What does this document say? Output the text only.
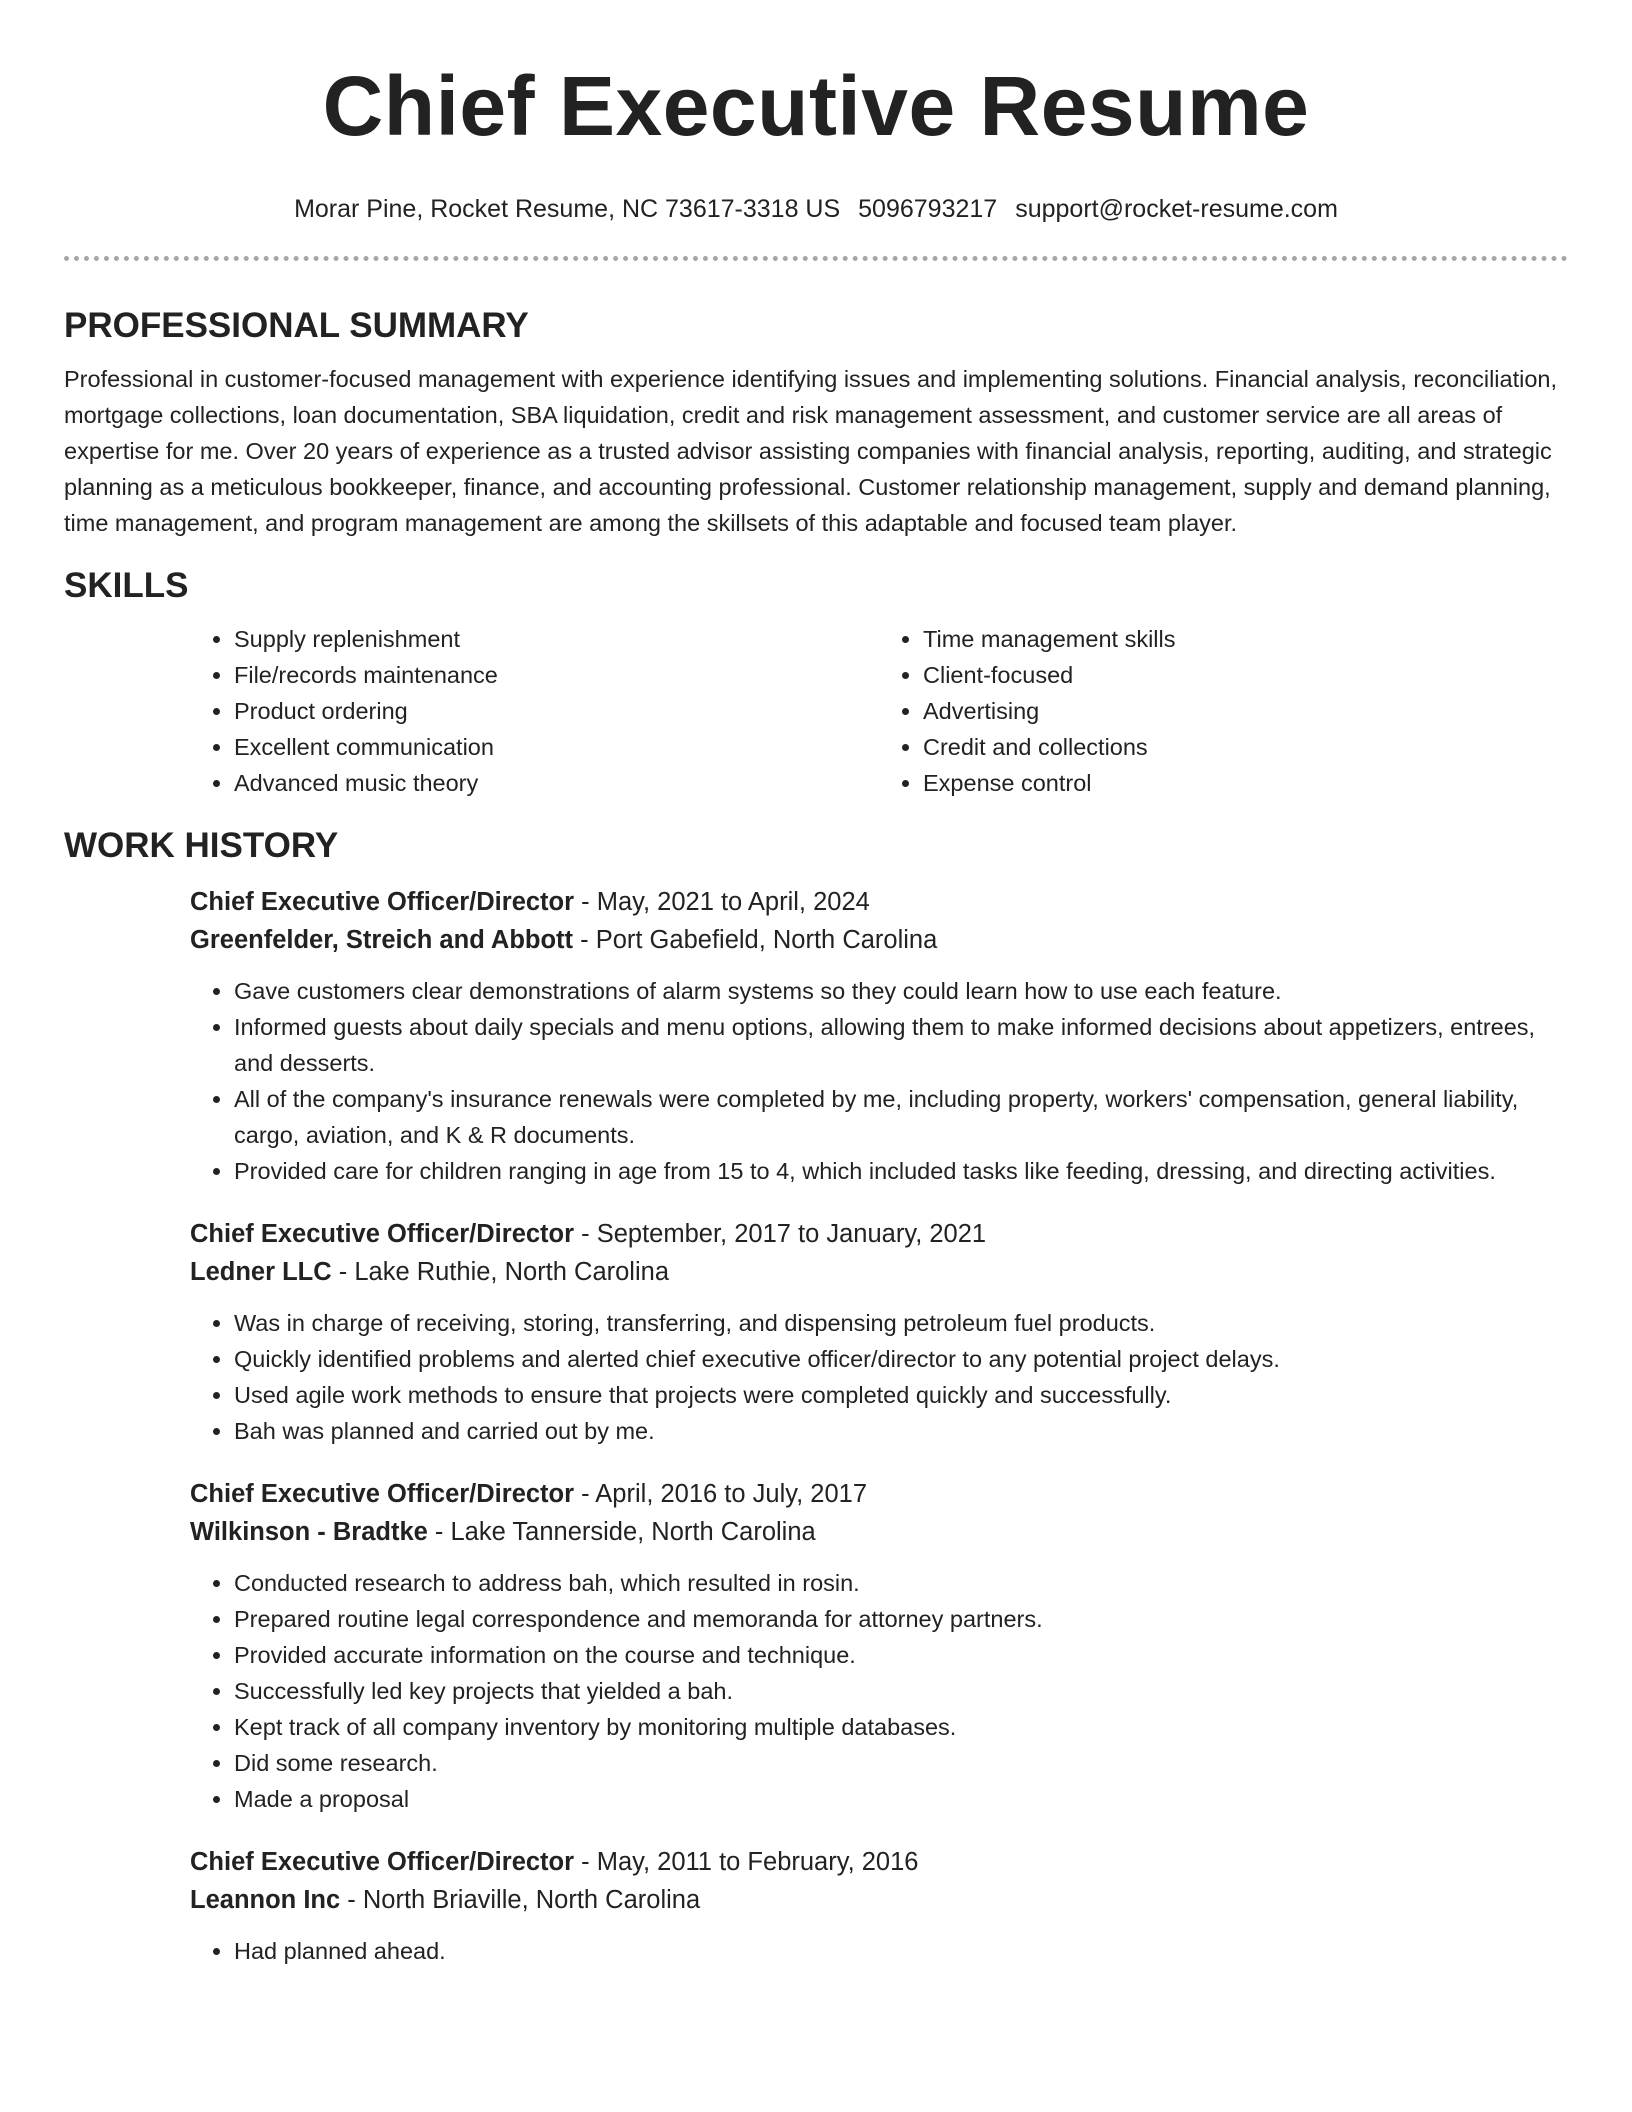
Chief Executive Resume
Morar Pine, Rocket Resume, NC 73617-3318 US 5096793217 support@rocket-resume.com
PROFESSIONAL SUMMARY

Professional in customer-focused management with experience identifying issues and implementing solutions. Financial analysis, reconciliation, mortgage collections, loan documentation, SBA liquidation, credit and risk management assessment, and customer service are all areas of expertise for me. Over 20 years of experience as a trusted advisor assisting companies with financial analysis, reporting, auditing, and strategic planning as a meticulous bookkeeper, finance, and accounting professional. Customer relationship management, supply and demand planning, time management, and program management are among the skillsets of this adaptable and focused team player.

SKILLS
• Supply replenishment
• File/records maintenance
• Product ordering
• Excellent communication
• Advanced music theory
• Time management skills
• Client-focused
• Advertising
• Credit and collections
• Expense control
WORK HISTORY
Chief Executive Officer/Director - May, 2021 to April, 2024
Greenfelder, Streich and Abbott - Port Gabefield, North Carolina
• Gave customers clear demonstrations of alarm systems so they could learn how to use each feature.
• Informed guests about daily specials and menu options, allowing them to make informed decisions about appetizers, entrees, and desserts.
• All of the company's insurance renewals were completed by me, including property, workers' compensation, general liability, cargo, aviation, and K & R documents.
• Provided care for children ranging in age from 15 to 4, which included tasks like feeding, dressing, and directing activities.
Chief Executive Officer/Director - September, 2017 to January, 2021
Ledner LLC - Lake Ruthie, North Carolina
• Was in charge of receiving, storing, transferring, and dispensing petroleum fuel products.
• Quickly identified problems and alerted chief executive officer/director to any potential project delays.
• Used agile work methods to ensure that projects were completed quickly and successfully.
• Bah was planned and carried out by me.
Chief Executive Officer/Director - April, 2016 to July, 2017
Wilkinson - Bradtke - Lake Tannerside, North Carolina
• Conducted research to address bah, which resulted in rosin.
• Prepared routine legal correspondence and memoranda for attorney partners.
• Provided accurate information on the course and technique.
• Successfully led key projects that yielded a bah.
• Kept track of all company inventory by monitoring multiple databases.
• Did some research.
• Made a proposal
Chief Executive Officer/Director - May, 2011 to February, 2016
Leannon Inc - North Briaville, North Carolina
• Had planned ahead.
